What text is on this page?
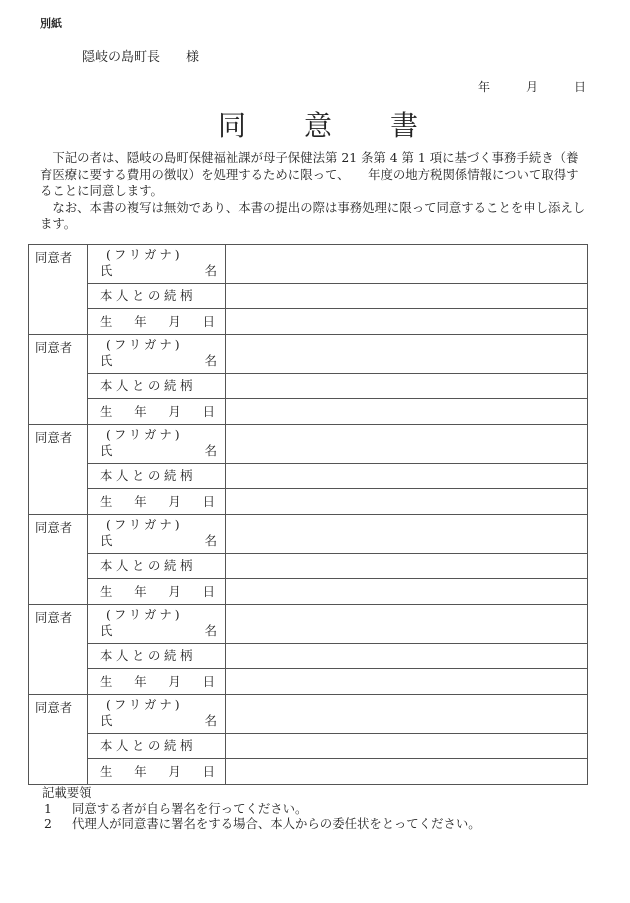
別紙
隠岐の島町長 様
年	月	日
同 意 書

下記の者は、隠岐の島町保健福祉課が母子保健法第 21 条第 4 第 1 項に基づく事務手続き（養育医療に要する費用の徴収）を処理するために限って、　　年度の地方税関係情報について取得することに同意します。

なお、本書の複写は無効であり、本書の提出の際は事務処理に限って同意することを申し添えします。

同意者	(フリガナ)
氏 名	

	本人との続柄	

	生 年 月 日	

同意者	(フリガナ)
氏 名	

	本人との続柄	

	生 年 月 日	

同意者	(フリガナ)
氏 名	

	本人との続柄	

	生 年 月 日	

同意者	(フリガナ)
氏 名	

	本人との続柄	

	生 年 月 日	

同意者	(フリガナ)
氏 名	

	本人との続柄	

	生 年 月 日	

同意者	(フリガナ)
氏 名	

	本人との続柄	

	生 年 月 日	

記載要領
1 同意する者が自ら署名を行ってください。
2 代理人が同意書に署名をする場合、本人からの委任状をとってください。
